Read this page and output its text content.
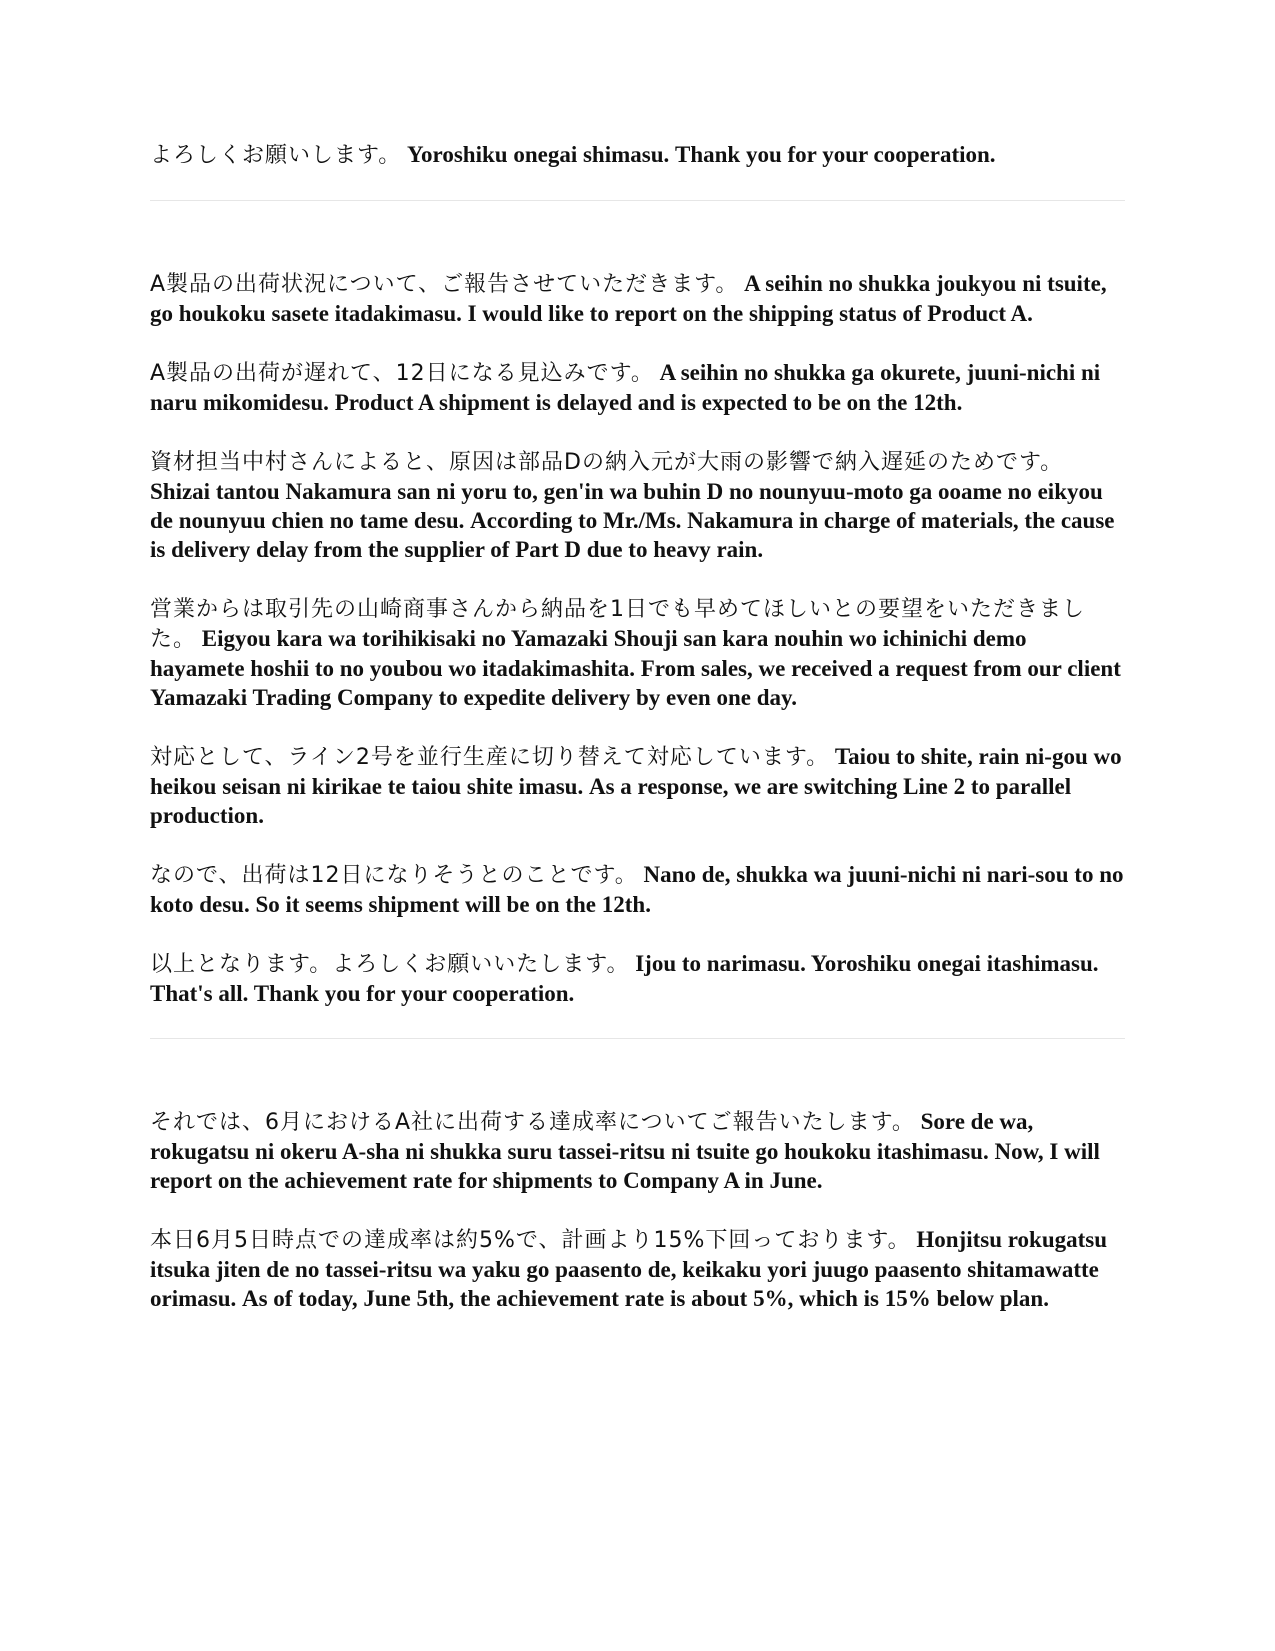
よろしくお願いします。 Yoroshiku onegai shimasu. Thank you for your cooperation.

A製品の出荷状況について、ご報告させていただきます。 A seihin no shukka joukyou ni tsuite, go houkoku sasete itadakimasu. I would like to report on the shipping status of Product A.

A製品の出荷が遅れて、12日になる見込みです。 A seihin no shukka ga okurete, juuni-nichi ni naru mikomidesu. Product A shipment is delayed and is expected to be on the 12th.

資材担当中村さんによると、原因は部品Dの納入元が大雨の影響で納入遅延のためです。 Shizai tantou Nakamura san ni yoru to, gen'in wa buhin D no nounyuu-moto ga ooame no eikyou de nounyuu chien no tame desu. According to Mr./Ms. Nakamura in charge of materials, the cause is delivery delay from the supplier of Part D due to heavy rain.

営業からは取引先の山崎商事さんから納品を1日でも早めてほしいとの要望をいただきました。 Eigyou kara wa torihikisaki no Yamazaki Shouji san kara nouhin wo ichinichi demo hayamete hoshii to no youbou wo itadakimashita. From sales, we received a request from our client Yamazaki Trading Company to expedite delivery by even one day.

対応として、ライン2号を並行生産に切り替えて対応しています。 Taiou to shite, rain ni-gou wo heikou seisan ni kirikae te taiou shite imasu. As a response, we are switching Line 2 to parallel production.

なので、出荷は12日になりそうとのことです。 Nano de, shukka wa juuni-nichi ni nari-sou to no koto desu. So it seems shipment will be on the 12th.

以上となります。よろしくお願いいたします。 Ijou to narimasu. Yoroshiku onegai itashimasu. That's all. Thank you for your cooperation.

それでは、6月におけるA社に出荷する達成率についてご報告いたします。 Sore de wa, rokugatsu ni okeru A-sha ni shukka suru tassei-ritsu ni tsuite go houkoku itashimasu. Now, I will report on the achievement rate for shipments to Company A in June.

本日6月5日時点での達成率は約5%で、計画より15%下回っております。 Honjitsu rokugatsu itsuka jiten de no tassei-ritsu wa yaku go paasento de, keikaku yori juugo paasento shitamawatte orimasu. As of today, June 5th, the achievement rate is about 5%, which is 15% below plan.
